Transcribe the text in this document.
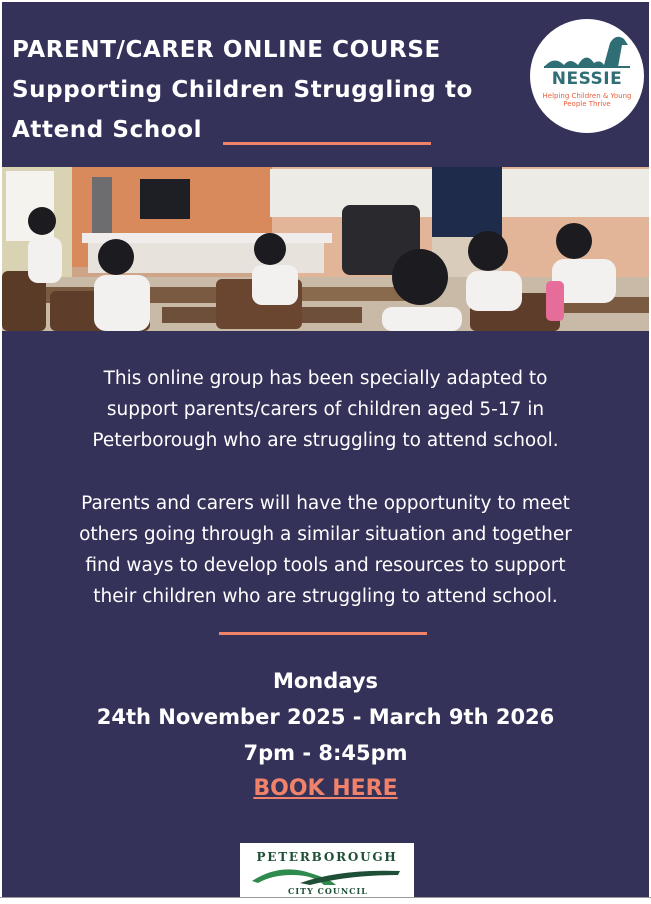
PARENT/CARER ONLINE COURSE
Supporting Children Struggling to
Attend School
NESSIE
Helping Children & Young People Thrive
This online group has been specially adapted to
support parents/carers of children aged 5-17 in
Peterborough who are struggling to attend school.
Parents and carers will have the opportunity to meet
others going through a similar situation and together
find ways to develop tools and resources to support
their children who are struggling to attend school.
Mondays
24th November 2025 - March 9th 2026
7pm - 8:45pm
BOOK HERE
PETERBOROUGH
CITY COUNCIL
